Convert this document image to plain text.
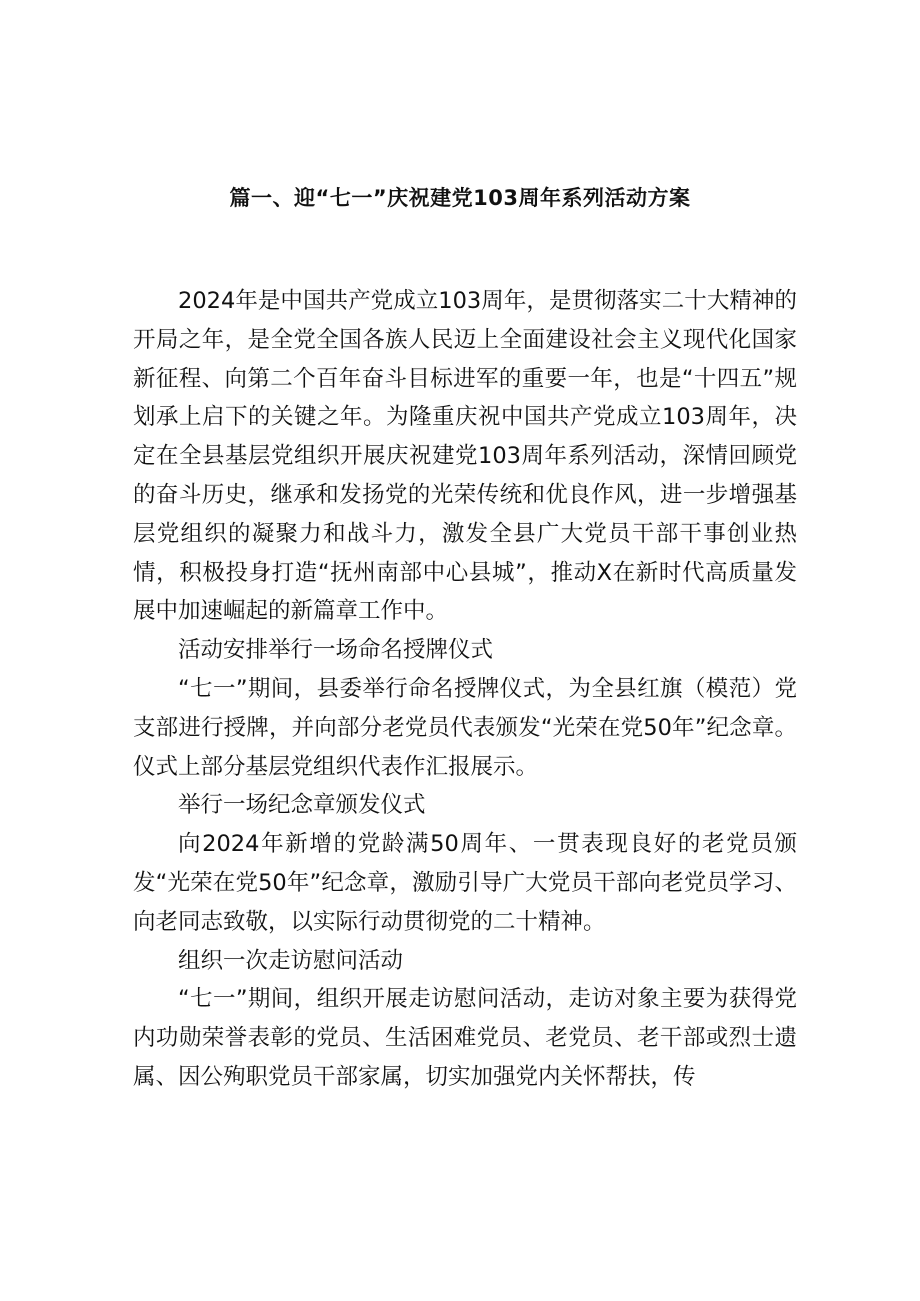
篇一、迎“七一”庆祝建党103周年系列活动方案

2024年是中国共产党成立103周年，是贯彻落实二十大精神的开局之年，是全党全国各族人民迈上全面建设社会主义现代化国家新征程、向第二个百年奋斗目标进军的重要一年，也是“十四五”规划承上启下的关键之年。为隆重庆祝中国共产党成立103周年，决定在全县基层党组织开展庆祝建党103周年系列活动，深情回顾党的奋斗历史，继承和发扬党的光荣传统和优良作风，进一步增强基层党组织的凝聚力和战斗力，激发全县广大党员干部干事创业热情，积极投身打造“抚州南部中心县城”，推动X在新时代高质量发展中加速崛起的新篇章工作中。

活动安排举行一场命名授牌仪式

“七一”期间，县委举行命名授牌仪式，为全县红旗（模范）党支部进行授牌，并向部分老党员代表颁发“光荣在党50年”纪念章。仪式上部分基层党组织代表作汇报展示。

举行一场纪念章颁发仪式

向2024年新增的党龄满50周年、一贯表现良好的老党员颁发“光荣在党50年”纪念章，激励引导广大党员干部向老党员学习、向老同志致敬，以实际行动贯彻党的二十精神。

组织一次走访慰问活动

“七一”期间，组织开展走访慰问活动，走访对象主要为获得党内功勋荣誉表彰的党员、生活困难党员、老党员、老干部或烈士遗属、因公殉职党员干部家属，切实加强党内关怀帮扶，传
